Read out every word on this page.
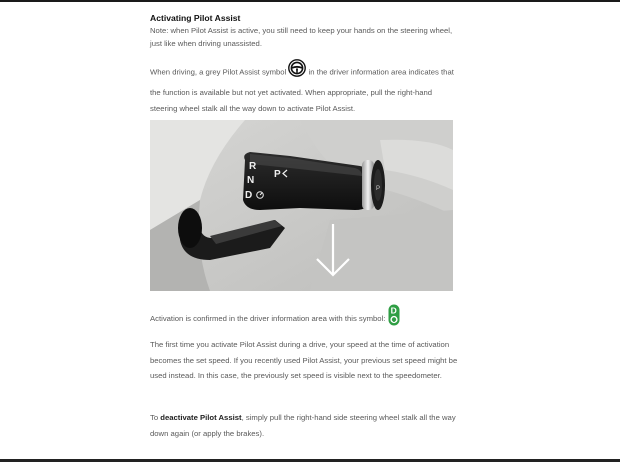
Activating Pilot Assist

Note: when Pilot Assist is active, you still need to keep your hands on the steering wheel, just like when driving unassisted.

When driving, a grey Pilot Assist symbol	in the driver information area indicates that the function is available but not yet activated. When appropriate, pull the right-hand steering wheel stalk all the way down to activate Pilot Assist.

P
R
N
D
P

Activation is confirmed in the driver information area with this symbol:
D

The first time you activate Pilot Assist during a drive, your speed at the time of activation becomes the set speed. If you recently used Pilot Assist, your previous set speed might be used instead. In this case, the previously set speed is visible next to the speedometer.

To deactivate Pilot Assist, simply pull the right-hand side steering wheel stalk all the way down again (or apply the brakes).
